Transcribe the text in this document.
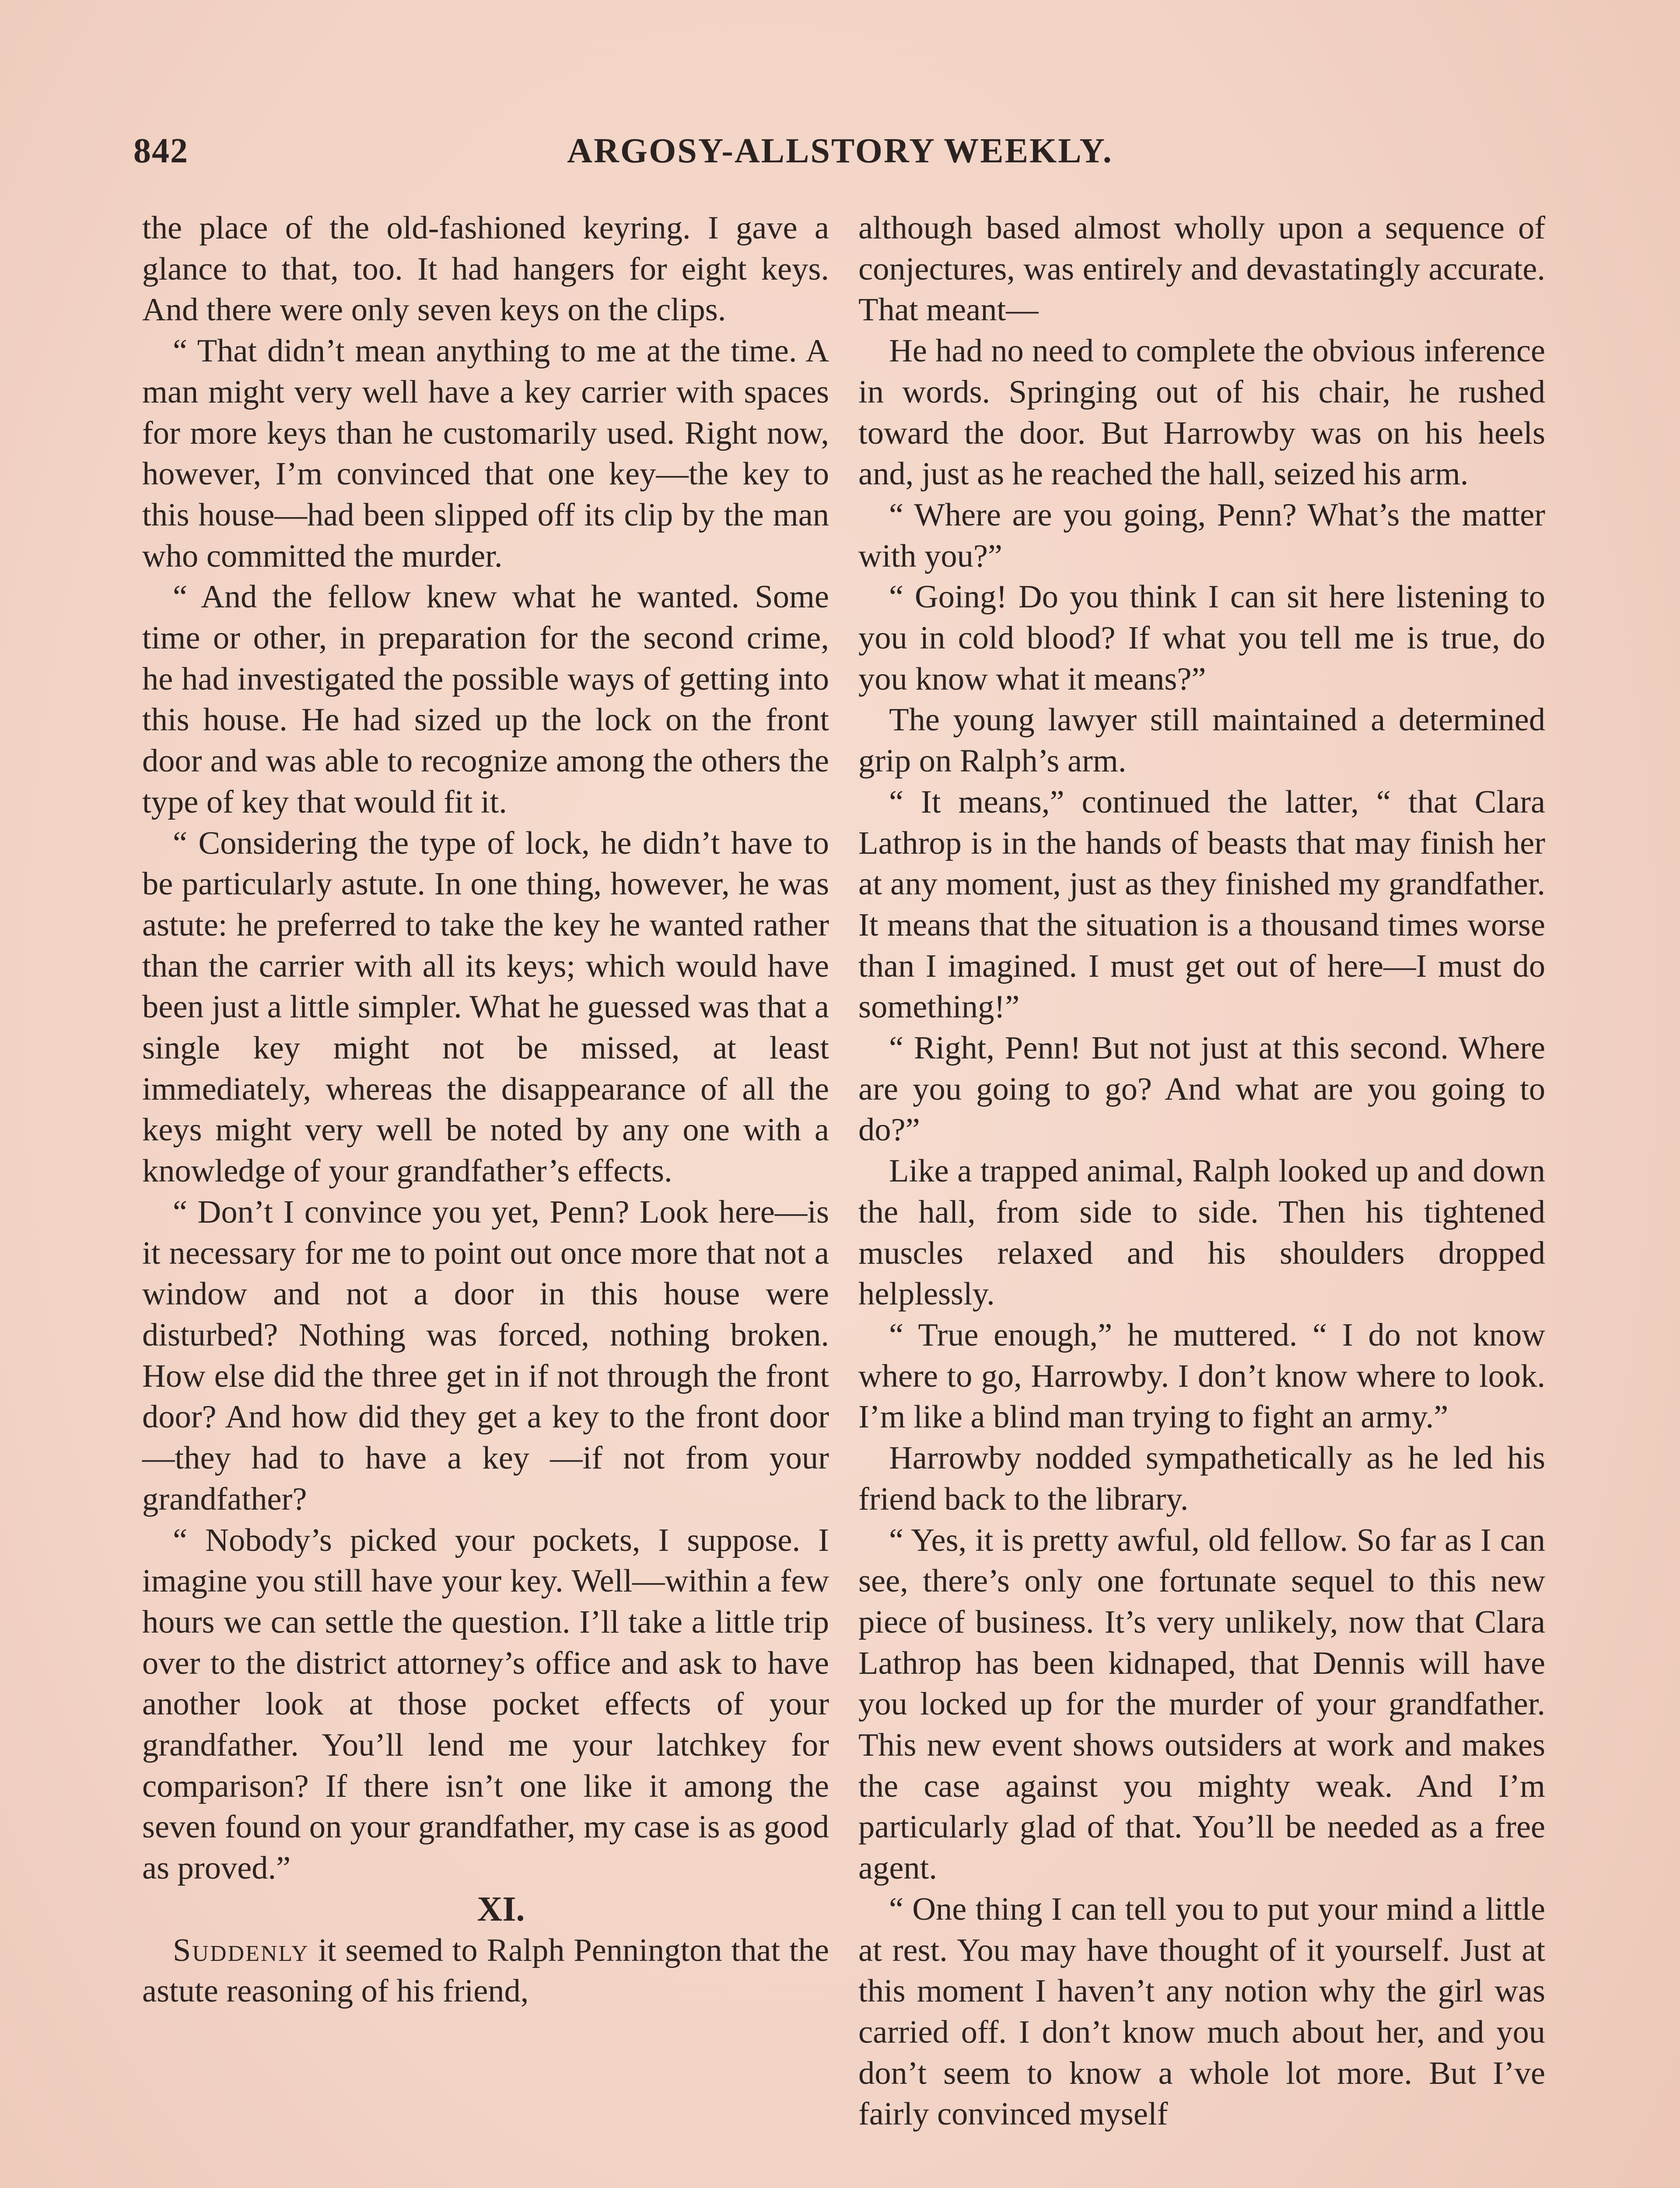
842	ARGOSY-ALLSTORY WEEKLY.

the place of the old-fashioned keyring. I gave a glance to that, too. It had hangers for eight keys. And there were only seven keys on the clips.

“ That didn’t mean anything to me at the time. A man might very well have a key carrier with spaces for more keys than he customarily used. Right now, however, I’m convinced that one key—the key to this house—had been slipped off its clip by the man who committed the murder.

“ And the fellow knew what he wanted. Some time or other, in preparation for the second crime, he had investigated the possible ways of getting into this house. He had sized up the lock on the front door and was able to recognize among the others the type of key that would fit it.

“ Considering the type of lock, he didn’t have to be particularly astute. In one thing, however, he was astute: he preferred to take the key he wanted rather than the carrier with all its keys; which would have been just a little simpler. What he guessed was that a single key might not be missed, at least immediately, whereas the disappearance of all the keys might very well be noted by any one with a knowledge of your grandfather’s effects.

“ Don’t I convince you yet, Penn? Look here—is it necessary for me to point out once more that not a window and not a door in this house were disturbed? Nothing was forced, nothing broken. How else did the three get in if not through the front door? And how did they get a key to the front door—they had to have a key —if not from your grandfather?

“ Nobody’s picked your pockets, I suppose. I imagine you still have your key. Well—within a few hours we can settle the question. I’ll take a little trip over to the district attorney’s office and ask to have another look at those pocket effects of your grandfather. You’ll lend me your latchkey for comparison? If there isn’t one like it among the seven found on your grandfather, my case is as good as proved.”

XI.

Suddenly it seemed to Ralph Pennington that the astute reasoning of his friend,

although based almost wholly upon a sequence of conjectures, was entirely and devastatingly accurate. That meant—

He had no need to complete the obvious inference in words. Springing out of his chair, he rushed toward the door. But Harrowby was on his heels and, just as he reached the hall, seized his arm.

“ Where are you going, Penn? What’s the matter with you?”

“ Going! Do you think I can sit here listening to you in cold blood? If what you tell me is true, do you know what it means?”

The young lawyer still maintained a determined grip on Ralph’s arm.

“ It means,” continued the latter, “ that Clara Lathrop is in the hands of beasts that may finish her at any moment, just as they finished my grandfather. It means that the situation is a thousand times worse than I imagined. I must get out of here—I must do something!”

“ Right, Penn! But not just at this second. Where are you going to go? And what are you going to do?”

Like a trapped animal, Ralph looked up and down the hall, from side to side. Then his tightened muscles relaxed and his shoulders dropped helplessly.

“ True enough,” he muttered. “ I do not know where to go, Harrowby. I don’t know where to look. I’m like a blind man trying to fight an army.”

Harrowby nodded sympathetically as he led his friend back to the library.

“ Yes, it is pretty awful, old fellow. So far as I can see, there’s only one fortunate sequel to this new piece of business. It’s very unlikely, now that Clara Lathrop has been kidnaped, that Dennis will have you locked up for the murder of your grandfather. This new event shows outsiders at work and makes the case against you mighty weak. And I’m particularly glad of that. You’ll be needed as a free agent.

“ One thing I can tell you to put your mind a little at rest. You may have thought of it yourself. Just at this moment I haven’t any notion why the girl was carried off. I don’t know much about her, and you don’t seem to know a whole lot more. But I’ve fairly convinced myself
